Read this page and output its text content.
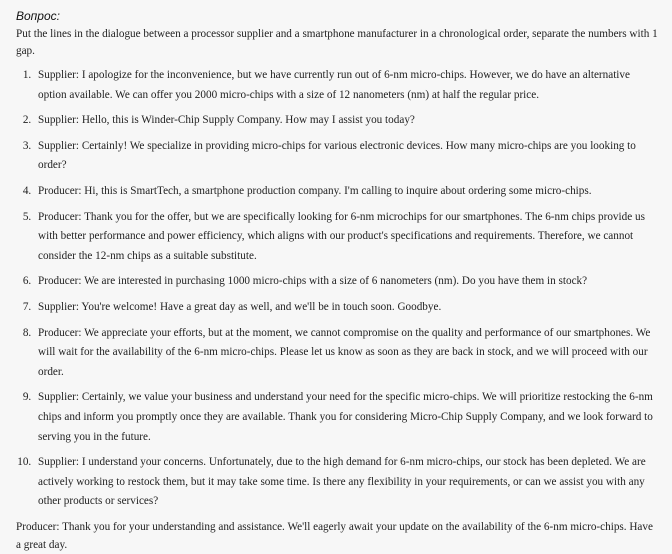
Вопрос:
Put the lines in the dialogue between a processor supplier and a smartphone manufacturer in a chronological order, separate the numbers with 1 gap.
1. Supplier: I apologize for the inconvenience, but we have currently run out of 6-nm micro-chips. However, we do have an alternative option available. We can offer you 2000 micro-chips with a size of 12 nanometers (nm) at half the regular price.
2. Supplier: Hello, this is Winder-Chip Supply Company. How may I assist you today?
3. Supplier: Certainly! We specialize in providing micro-chips for various electronic devices. How many micro-chips are you looking to order?
4. Producer: Hi, this is SmartTech, a smartphone production company. I'm calling to inquire about ordering some micro-chips.
5. Producer: Thank you for the offer, but we are specifically looking for 6-nm microchips for our smartphones. The 6-nm chips provide us with better performance and power efficiency, which aligns with our product's specifications and requirements. Therefore, we cannot consider the 12-nm chips as a suitable substitute.
6. Producer: We are interested in purchasing 1000 micro-chips with a size of 6 nanometers (nm). Do you have them in stock?
7. Supplier: You're welcome! Have a great day as well, and we'll be in touch soon. Goodbye.
8. Producer: We appreciate your efforts, but at the moment, we cannot compromise on the quality and performance of our smartphones. We will wait for the availability of the 6-nm micro-chips. Please let us know as soon as they are back in stock, and we will proceed with our order.
9. Supplier: Certainly, we value your business and understand your need for the specific micro-chips. We will prioritize restocking the 6-nm chips and inform you promptly once they are available. Thank you for considering Micro-Chip Supply Company, and we look forward to serving you in the future.
10. Supplier: I understand your concerns. Unfortunately, due to the high demand for 6-nm micro-chips, our stock has been depleted. We are actively working to restock them, but it may take some time. Is there any flexibility in your requirements, or can we assist you with any other products or services?
Producer: Thank you for your understanding and assistance. We'll eagerly await your update on the availability of the 6-nm micro-chips. Have a great day.
